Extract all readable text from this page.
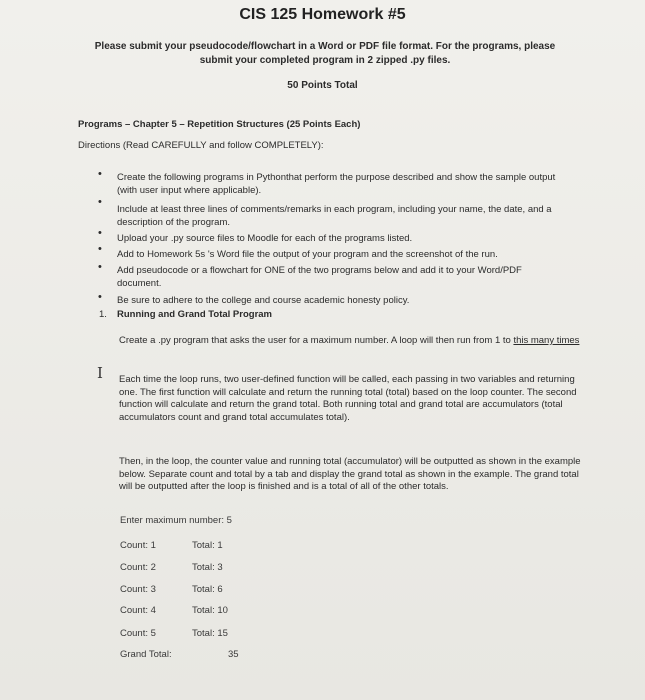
CIS 125 Homework #5
Please submit your pseudocode/flowchart in a Word or PDF file format. For the programs, please submit your completed program in 2 zipped .py files.
50 Points Total
Programs – Chapter 5 – Repetition Structures (25 Points Each)
Directions (Read CAREFULLY and follow COMPLETELY):
• Create the following programs in Pythonthat perform the purpose described and show the sample output (with user input where applicable).
•
Include at least three lines of comments/remarks in each program, including your name, the date, and a description of the program.
• Upload your .py source files to Moodle for each of the programs listed.
• Add to Homework 5s 's Word file the output of your program and the screenshot of the run.
• Add pseudocode or a flowchart for ONE of the two programs below and add it to your Word/PDF document.
• Be sure to adhere to the college and course academic honesty policy.
1. Running and Grand Total Program
Create a .py program that asks the user for a maximum number. A loop will then run from 1 to this many times
I Each time the loop runs, two user-defined function will be called, each passing in two variables and returning one. The first function will calculate and return the running total (total) based on the loop counter. The second function will calculate and return the grand total. Both running total and grand total are accumulators (total accumulators count and grand total accumulates total).
Then, in the loop, the counter value and running total (accumulator) will be outputted as shown in the example below. Separate count and total by a tab and display the grand total as shown in the example. The grand total will be outputted after the loop is finished and is a total of all of the other totals.
Enter maximum number: 5
Count: 1	Total: 1
Count: 2	Total: 3
Count: 3	Total: 6
Count: 4	Total: 10
Count: 5	Total: 15
Grand Total:	35
